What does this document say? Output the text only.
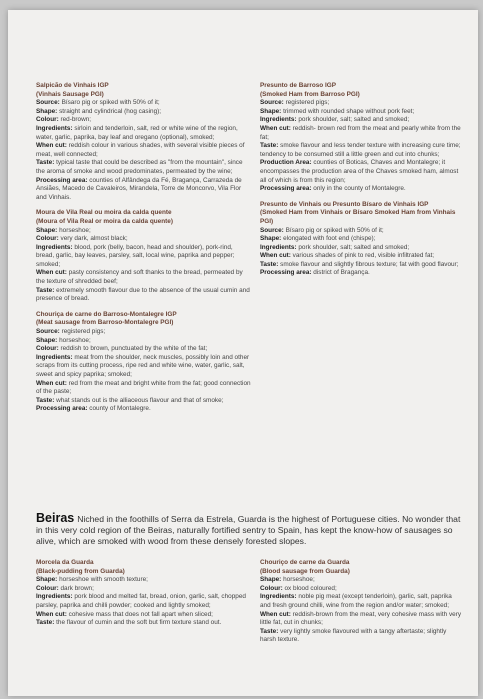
Salpicão de Vinhais IGP
(Vinhais Sausage PGI)
Source: Bísaro pig or spiked with 50% of it;
Shape: straight and cylindrical (hog casing);
Colour: red-brown;
Ingredients: sirloin and tenderloin, salt, red or white wine of the region, water, garlic, paprika, bay leaf and oregano (optional), smoked;
When cut: reddish colour in various shades, with several visible pieces of meat, well connected;
Taste: typical taste that could be described as "from the mountain", since the aroma of smoke and wood predominates, permeated by the wine;
Processing area: counties of Alfândega da Fé, Bragança, Carrazeda de Ansiães, Macedo de Cavaleiros, Mirandela, Torre de Moncorvo, Vila Flor and Vinhais.
Moura de Vila Real ou moira da calda quente
(Moura of Vila Real or moira da calda quente)
Shape: horseshoe;
Colour: very dark, almost black;
Ingredients: blood, pork (belly, bacon, head and shoulder), pork-rind, bread, garlic, bay leaves, parsley, salt, local wine, paprika and pepper; smoked;
When cut: pasty consistency and soft thanks to the bread, permeated by the texture of shredded beef;
Taste: extremely smooth flavour due to the absence of the usual cumin and presence of bread.
Chouriça de carne do Barroso-Montalegre IGP
(Meat sausage from Barroso-Montalegre PGI)
Source: registered pigs;
Shape: horseshoe;
Colour: reddish to brown, punctuated by the white of the fat;
Ingredients: meat from the shoulder, neck muscles, possibly loin and other scraps from its cutting process, ripe red and white wine, water, garlic, salt, sweet and spicy paprika; smoked;
When cut: red from the meat and bright white from the fat; good connection of the paste;
Taste: what stands out is the alliaceous flavour and that of smoke;
Processing area: county of Montalegre.
Presunto de Barroso IGP
(Smoked Ham from Barroso PGI)
Source: registered pigs;
Shape: trimmed with rounded shape without pork feet;
Ingredients: pork shoulder, salt; salted and smoked;
When cut: reddish- brown red from the meat and pearly white from the fat;
Taste: smoke flavour and less tender texture with increasing cure time; tendency to be consumed still a little green and cut into chunks;
Production Area: counties of Boticas, Chaves and Montalegre; it encompasses the production area of the Chaves smoked ham, almost all of which is from this region;
Processing area: only in the county of Montalegre.
Presunto de Vinhais ou Presunto Bísaro de Vinhais IGP
(Smoked Ham from Vinhais or Bísaro Smoked Ham from Vinhais PGI)
Source: Bísaro pig or spiked with 50% of it;
Shape: elongated with foot end (chispe);
Ingredients: pork shoulder, salt; salted and smoked;
When cut: various shades of pink to red, visible infiltrated fat;
Taste: smoke flavour and slightly fibrous texture; fat with good flavour;
Processing area: district of Bragança.
Beiras Niched in the foothills of Serra da Estrela, Guarda is the highest of Portuguese cities. No wonder that in this very cold region of the Beiras, naturally fortified sentry to Spain, has kept the know-how of sausages so alive, which are smoked with wood from these densely forested slopes.
Morcela da Guarda
(Black-pudding from Guarda)
Shape: horseshoe with smooth texture;
Colour: dark brown;
Ingredients: pork blood and melted fat, bread, onion, garlic, salt, chopped parsley, paprika and chilli powder; cooked and lightly smoked;
When cut: cohesive mass that does not fall apart when sliced;
Taste: the flavour of cumin and the soft but firm texture stand out.
Chouriço de carne da Guarda
(Blood sausage from Guarda)
Shape: horseshoe;
Colour: ox blood coloured;
Ingredients: noble pig meat (except tenderloin), garlic, salt, paprika and fresh ground chilli, wine from the region and/or water; smoked;
When cut: reddish-brown from the meat, very cohesive mass with very little fat, cut in chunks;
Taste: very lightly smoke flavoured with a tangy aftertaste; slightly harsh texture.
